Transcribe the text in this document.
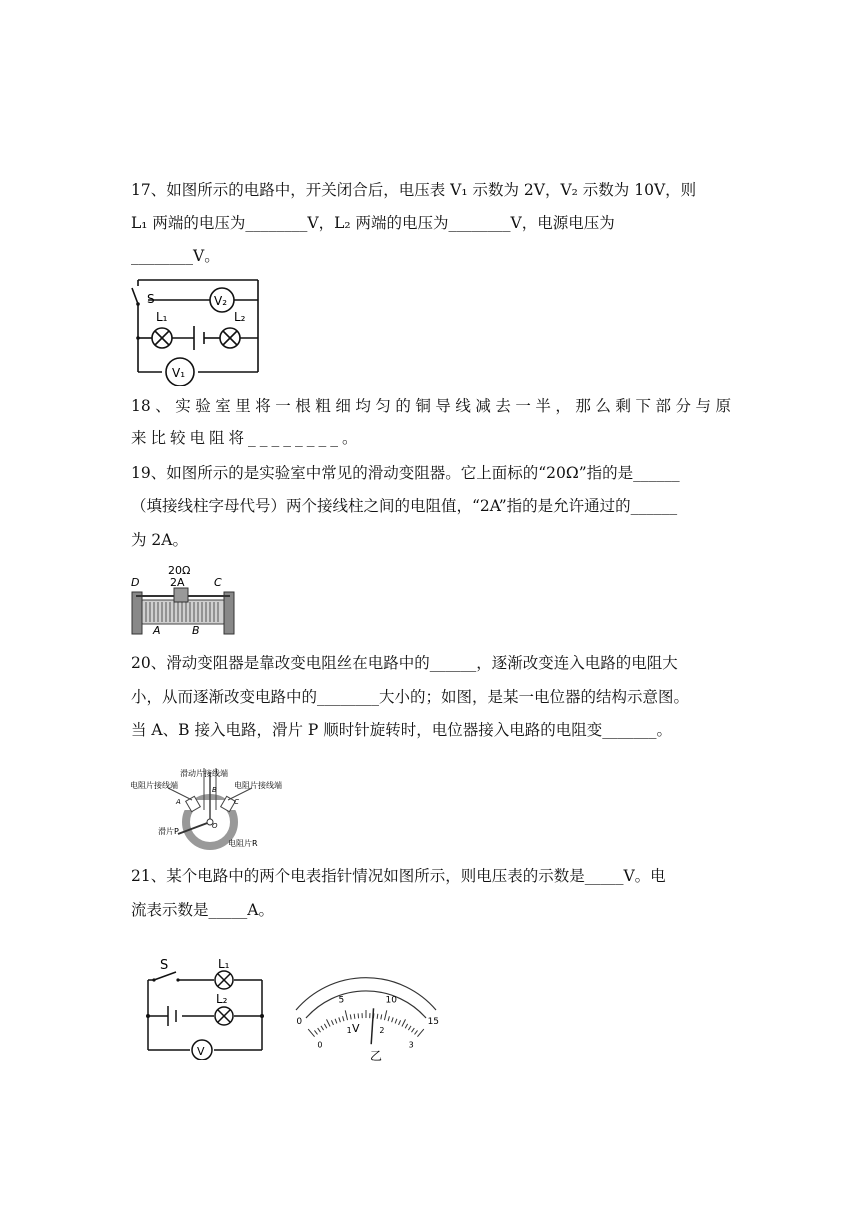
17、如图所示的电路中，开关闭合后，电压表 V₁ 示数为 2V，V₂ 示数为 10V，则
L₁ 两端的电压为________V，L₂ 两端的电压为________V，电源电压为
________V。
S	V₂
L₁	L₂
V₁
18、实验室里将一根粗细均匀的铜导线减去一半，那么剩下部分与原
来比较电阻将________。
19、如图所示的是实验室中常见的滑动变阻器。它上面标的“20Ω”指的是______
（填接线柱字母代号）两个接线柱之间的电阻值，“2A”指的是允许通过的______
为 2A。
D	C
20Ω
2A
A	B
20、滑动变阻器是靠改变电阻丝在电路中的______，逐渐改变连入电路的电阻大
小，从而逐渐改变电路中的________大小的；如图，是某一电位器的结构示意图。
当 A、B 接入电路，滑片 P 顺时针旋转时，电位器接入电路的电阻变_______。
电阻片接线端
滑动片接线端
电阻片接线端
A
B
C
O
滑片P
电阻片R
21、某个电路中的两个电表指针情况如图所示，则电压表的示数是_____V。电
流表示数是_____A。
S	L₁
L₂
V
0
5	10
15
0
1	2
3
V
乙
